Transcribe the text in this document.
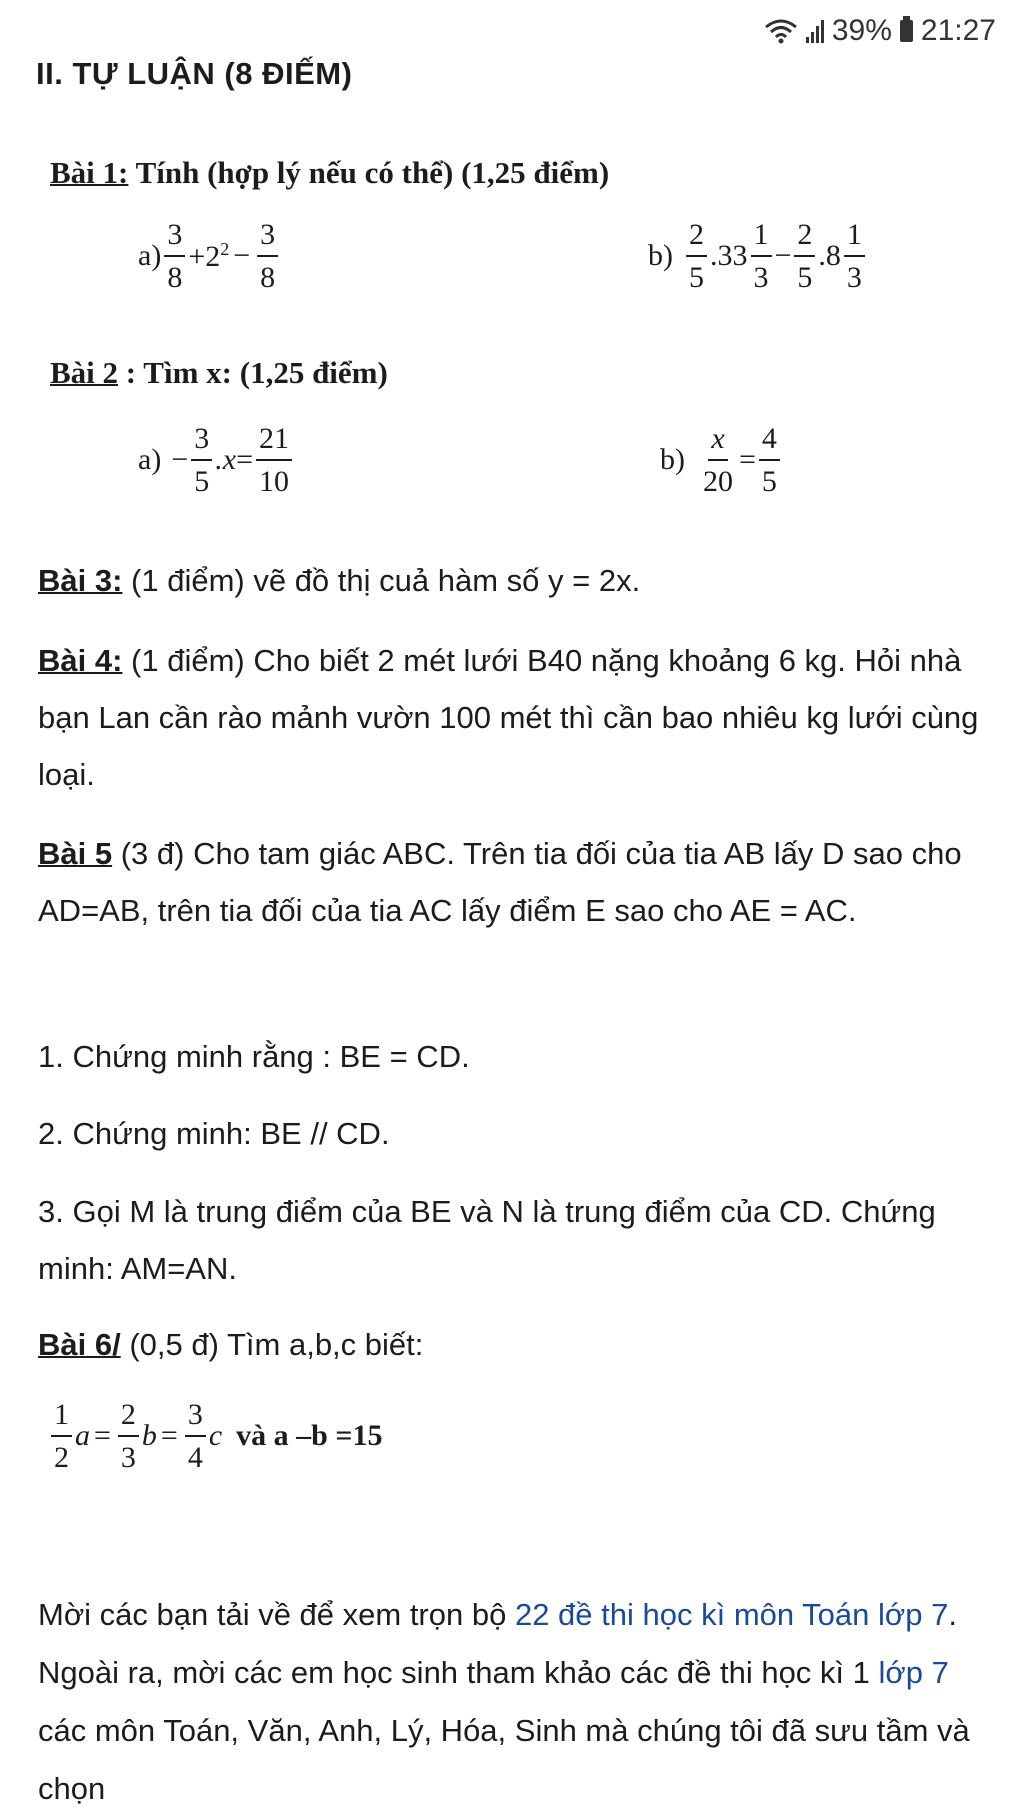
39% 21:27
II. TỰ LUẬN (8 ĐIẾM)
Bài 1: Tính (hợp lý nếu có thể) (1,25 điểm)
$a) \frac{3}{8} +2^2 - \frac{3}{8}$	$b) \frac{2}{5} .33 \frac{1}{3} - \frac{2}{5} .8 \frac{1}{3}$
Bài 2 : Tìm x: (1,25 điểm)
$a) - \frac{3}{5} .x = \frac{21}{10}$	$b) \frac{x}{20} = \frac{4}{5}$
Bài 3: (1 điểm) vẽ đồ thị cuả hàm số y = 2x.
Bài 4: (1 điểm) Cho biết 2 mét lưới B40 nặng khoảng 6 kg. Hỏi nhà bạn Lan cần rào mảnh vườn 100 mét thì cần bao nhiêu kg lưới cùng loại.
Bài 5 (3 đ) Cho tam giác ABC. Trên tia đối của tia AB lấy D sao cho AD=AB, trên tia đối của tia AC lấy điểm E sao cho AE = AC.
1. Chứng minh rằng : BE = CD.
2. Chứng minh: BE // CD.
3. Gọi M là trung điểm của BE và N là trung điểm của CD. Chứng minh: AM=AN.
Bài 6/ (0,5 đ) Tìm a,b,c biết:
$\frac{1}{2}$ $a = \frac{2}{3}$ $b = \frac{3}{4}$ c và a –b =15
Mời các bạn tải về để xem trọn bộ 22 đề thi học kì môn Toán lớp 7. Ngoài ra, mời các em học sinh tham khảo các đề thi học kì 1 lớp 7 các môn Toán, Văn, Anh, Lý, Hóa, Sinh mà chúng tôi đã sưu tầm và chọn
